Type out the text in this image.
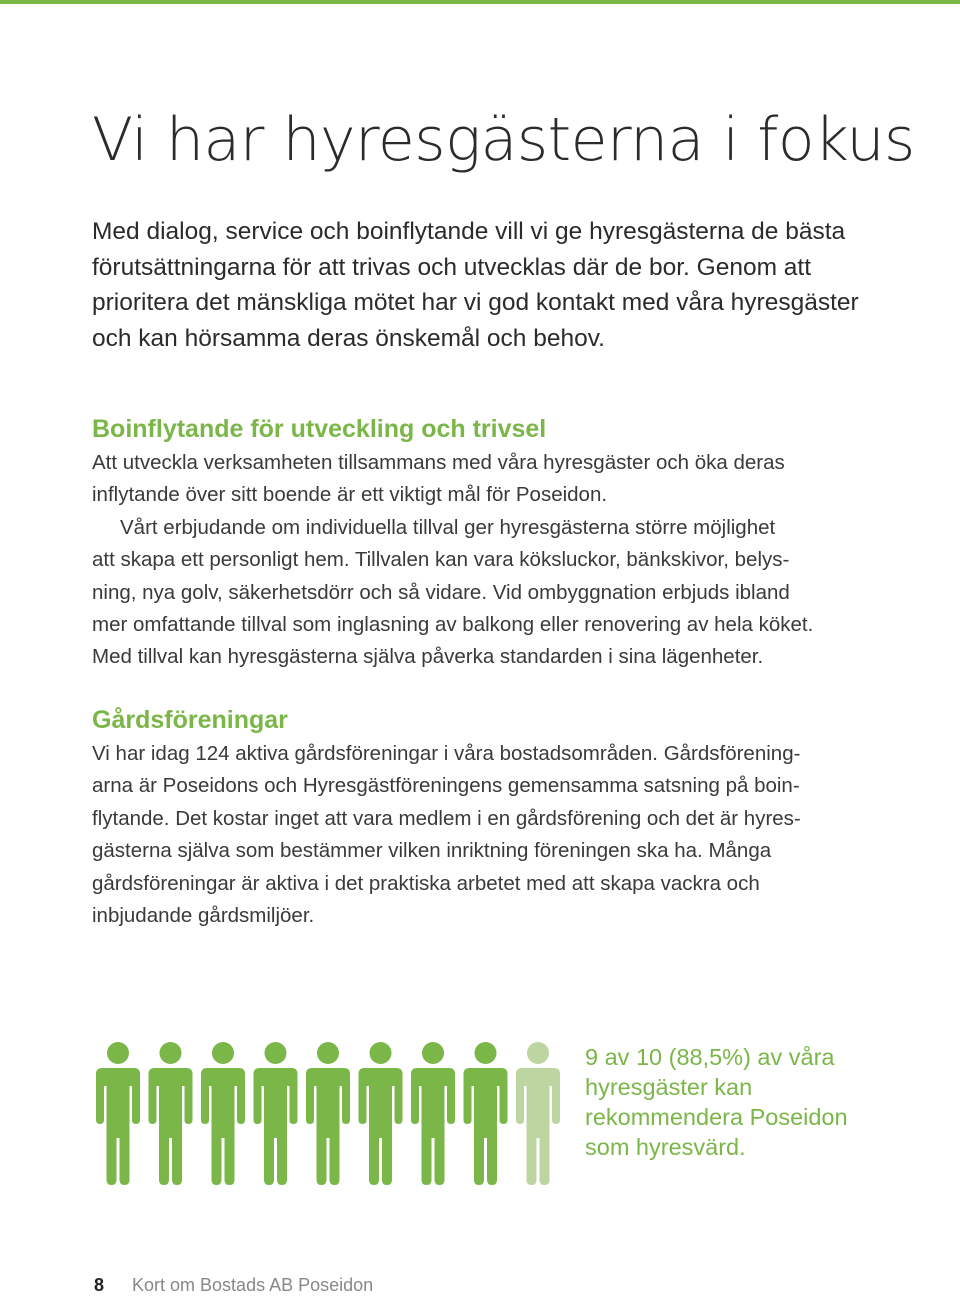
Vi har hyresgästerna i fokus

Med dialog, service och boinflytande vill vi ge hyresgästerna de bästa
förutsättningarna för att trivas och utvecklas där de bor. Genom att
prioritera det mänskliga mötet har vi god kontakt med våra hyresgäster
och kan hörsamma deras önskemål och behov.

Boinflytande för utveckling och trivsel

Att utveckla verksamheten tillsammans med våra hyresgäster och öka deras
inflytande över sitt boende är ett viktigt mål för Poseidon.
Vårt erbjudande om individuella tillval ger hyresgästerna större möjlighet
att skapa ett personligt hem. Tillvalen kan vara köksluckor, bänkskivor, belys-
ning, nya golv, säkerhetsdörr och så vidare. Vid ombyggnation erbjuds ibland
mer omfattande tillval som inglasning av balkong eller renovering av hela köket.
Med tillval kan hyresgästerna själva påverka standarden i sina lägenheter.

Gårdsföreningar

Vi har idag 124 aktiva gårdsföreningar i våra bostadsområden. Gårdsförening-
arna är Poseidons och Hyresgästföreningens gemensamma satsning på boin-
flytande. Det kostar inget att vara medlem i en gårdsförening och det är hyres-
gästerna själva som bestämmer vilken inriktning föreningen ska ha. Många
gårdsföreningar är aktiva i det praktiska arbetet med att skapa vackra och
inbjudande gårdsmiljöer.

9 av 10 (88,5%) av våra
hyresgäster kan
rekommendera Poseidon
som hyresvärd.

8 Kort om Bostads AB Poseidon
